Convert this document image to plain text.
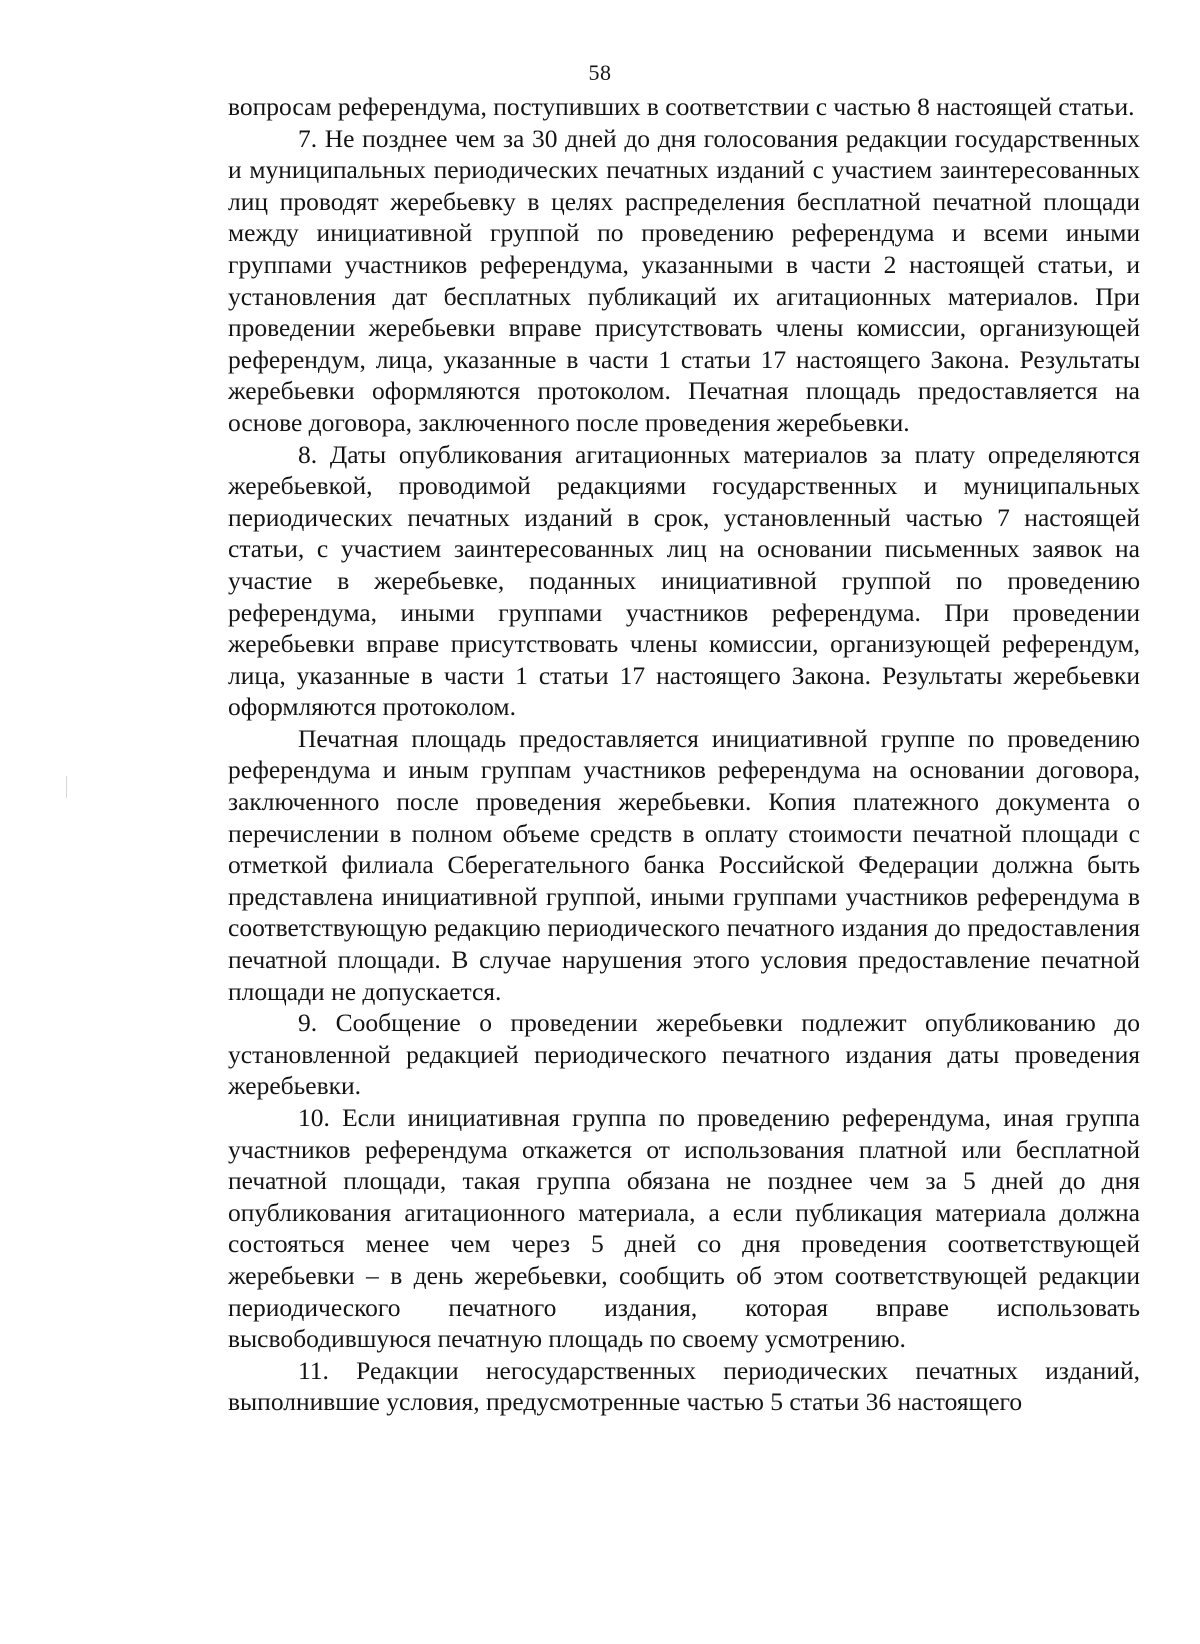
58

вопросам референдума, поступивших в соответствии с частью 8 настоящей статьи.

7. Не позднее чем за 30 дней до дня голосования редакции государственных и муниципальных периодических печатных изданий с участием заинтересованных лиц проводят жеребьевку в целях распределения бесплатной печатной площади между инициативной группой по проведению референдума и всеми иными группами участников референдума, указанными в части 2 настоящей статьи, и установления дат бесплатных публикаций их агитационных материалов. При проведении жеребьевки вправе присутствовать члены комиссии, организующей референдум, лица, указанные в части 1 статьи 17 настоящего Закона. Результаты жеребьевки оформляются протоколом. Печатная площадь предоставляется на основе договора, заключенного после проведения жеребьевки.

8. Даты опубликования агитационных материалов за плату определяются жеребьевкой, проводимой редакциями государственных и муниципальных периодических печатных изданий в срок, установленный частью 7 настоящей статьи, с участием заинтересованных лиц на основании письменных заявок на участие в жеребьевке, поданных инициативной группой по проведению референдума, иными группами участников референдума. При проведении жеребьевки вправе присутствовать члены комиссии, организующей референдум, лица, указанные в части 1 статьи 17 настоящего Закона. Результаты жеребьевки оформляются протоколом.

Печатная площадь предоставляется инициативной группе по проведению референдума и иным группам участников референдума на основании договора, заключенного после проведения жеребьевки. Копия платежного документа о перечислении в полном объеме средств в оплату стоимости печатной площади с отметкой филиала Сберегательного банка Российской Федерации должна быть представлена инициативной группой, иными группами участников референдума в соответствующую редакцию периодического печатного издания до предоставления печатной площади. В случае нарушения этого условия предоставление печатной площади не допускается.

9. Сообщение о проведении жеребьевки подлежит опубликованию до установленной редакцией периодического печатного издания даты проведения жеребьевки.

10. Если инициативная группа по проведению референдума, иная группа участников референдума откажется от использования платной или бесплатной печатной площади, такая группа обязана не позднее чем за 5 дней до дня опубликования агитационного материала, а если публикация материала должна состояться менее чем через 5 дней со дня проведения соответствующей жеребьевки – в день жеребьевки, сообщить об этом соответствующей редакции периодического печатного издания, которая вправе использовать высвободившуюся печатную площадь по своему усмотрению.

11. Редакции негосударственных периодических печатных изданий, выполнившие условия, предусмотренные частью 5 статьи 36 настоящего
